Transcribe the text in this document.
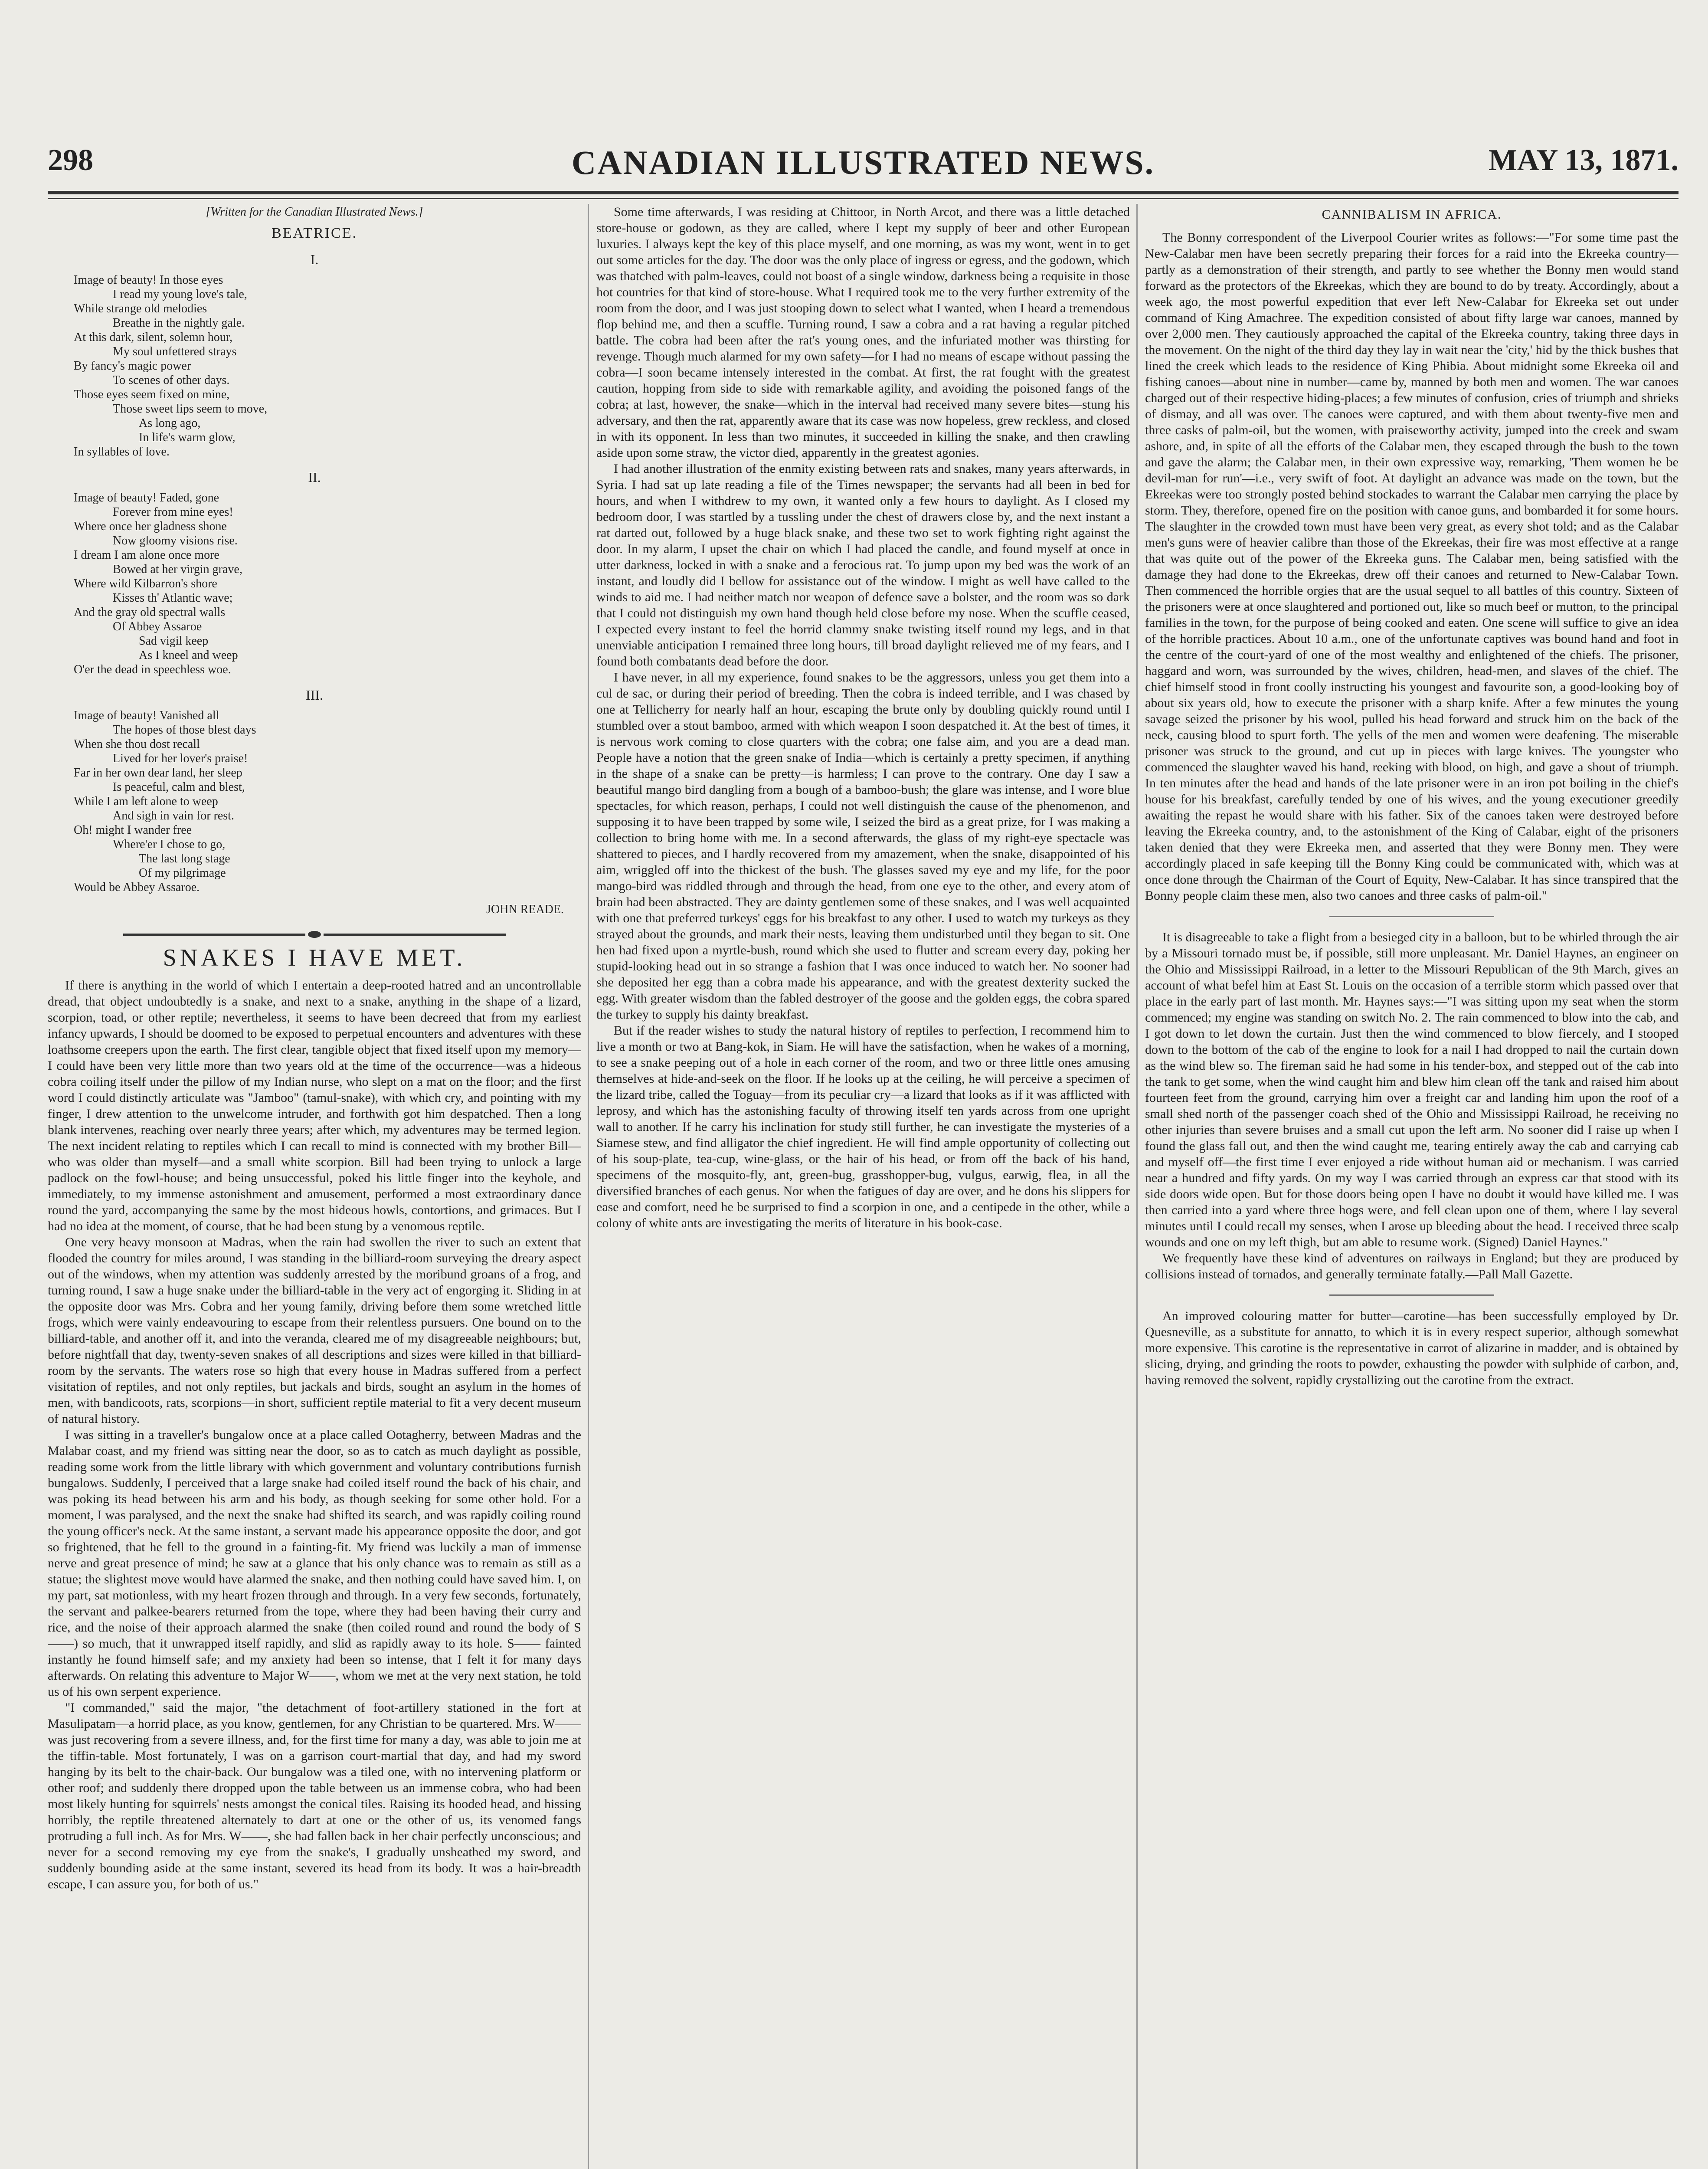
298	CANADIAN ILLUSTRATED NEWS.	MAY 13, 1871.
[Written for the Canadian Illustrated News.]
BEATRICE.
I.
Image of beauty! In those eyes
I read my young love's tale,
While strange old melodies
Breathe in the nightly gale.
At this dark, silent, solemn hour,
My soul unfettered strays
By fancy's magic power
To scenes of other days.
Those eyes seem fixed on mine,
Those sweet lips seem to move,
As long ago,
In life's warm glow,
In syllables of love.
II.
Image of beauty! Faded, gone
Forever from mine eyes!
Where once her gladness shone
Now gloomy visions rise.
I dream I am alone once more
Bowed at her virgin grave,
Where wild Kilbarron's shore
Kisses th' Atlantic wave;
And the gray old spectral walls
Of Abbey Assaroe
Sad vigil keep
As I kneel and weep
O'er the dead in speechless woe.
III.
Image of beauty! Vanished all
The hopes of those blest days
When she thou dost recall
Lived for her lover's praise!
Far in her own dear land, her sleep
Is peaceful, calm and blest,
While I am left alone to weep
And sigh in vain for rest.
Oh! might I wander free
Where'er I chose to go,
The last long stage
Of my pilgrimage
Would be Abbey Assaroe.
JOHN READE.
SNAKES I HAVE MET.

If there is anything in the world of which I entertain a deep-rooted hatred and an uncontrollable dread, that object undoubtedly is a snake, and next to a snake, anything in the shape of a lizard, scorpion, toad, or other reptile; nevertheless, it seems to have been decreed that from my earliest infancy upwards, I should be doomed to be exposed to perpetual encounters and adventures with these loathsome creepers upon the earth. The first clear, tangible object that fixed itself upon my memory—I could have been very little more than two years old at the time of the occurrence—was a hideous cobra coiling itself under the pillow of my Indian nurse, who slept on a mat on the floor; and the first word I could distinctly articulate was "Jamboo" (tamul-snake), with which cry, and pointing with my finger, I drew attention to the unwelcome intruder, and forthwith got him despatched. Then a long blank intervenes, reaching over nearly three years; after which, my adventures may be termed legion. The next incident relating to reptiles which I can recall to mind is connected with my brother Bill—who was older than myself—and a small white scorpion. Bill had been trying to unlock a large padlock on the fowl-house; and being unsuccessful, poked his little finger into the keyhole, and immediately, to my immense astonishment and amusement, performed a most extraordinary dance round the yard, accompanying the same by the most hideous howls, contortions, and grimaces. But I had no idea at the moment, of course, that he had been stung by a venomous reptile.

One very heavy monsoon at Madras, when the rain had swollen the river to such an extent that flooded the country for miles around, I was standing in the billiard-room surveying the dreary aspect out of the windows, when my attention was suddenly arrested by the moribund groans of a frog, and turning round, I saw a huge snake under the billiard-table in the very act of engorging it. Sliding in at the opposite door was Mrs. Cobra and her young family, driving before them some wretched little frogs, which were vainly endeavouring to escape from their relentless pursuers. One bound on to the billiard-table, and another off it, and into the veranda, cleared me of my disagreeable neighbours; but, before nightfall that day, twenty-seven snakes of all descriptions and sizes were killed in that billiard-room by the servants. The waters rose so high that every house in Madras suffered from a perfect visitation of reptiles, and not only reptiles, but jackals and birds, sought an asylum in the homes of men, with bandicoots, rats, scorpions—in short, sufficient reptile material to fit a very decent museum of natural history.

I was sitting in a traveller's bungalow once at a place called Ootagherry, between Madras and the Malabar coast, and my friend was sitting near the door, so as to catch as much daylight as possible, reading some work from the little library with which government and voluntary contributions furnish bungalows. Suddenly, I perceived that a large snake had coiled itself round the back of his chair, and was poking its head between his arm and his body, as though seeking for some other hold. For a moment, I was paralysed, and the next the snake had shifted its search, and was rapidly coiling round the young officer's neck. At the same instant, a servant made his appearance opposite the door, and got so frightened, that he fell to the ground in a fainting-fit. My friend was luckily a man of immense nerve and great presence of mind; he saw at a glance that his only chance was to remain as still as a statue; the slightest move would have alarmed the snake, and then nothing could have saved him. I, on my part, sat motionless, with my heart frozen through and through. In a very few seconds, fortunately, the servant and palkee-bearers returned from the tope, where they had been having their curry and rice, and the noise of their approach alarmed the snake (then coiled round and round the body of S——) so much, that it unwrapped itself rapidly, and slid as rapidly away to its hole. S—— fainted instantly he found himself safe; and my anxiety had been so intense, that I felt it for many days afterwards. On relating this adventure to Major W——, whom we met at the very next station, he told us of his own serpent experience.

"I commanded," said the major, "the detachment of foot-artillery stationed in the fort at Masulipatam—a horrid place, as you know, gentlemen, for any Christian to be quartered. Mrs. W—— was just recovering from a severe illness, and, for the first time for many a day, was able to join me at the tiffin-table. Most fortunately, I was on a garrison court-martial that day, and had my sword hanging by its belt to the chair-back. Our bungalow was a tiled one, with no intervening platform or other roof; and suddenly there dropped upon the table between us an immense cobra, who had been most likely hunting for squirrels' nests amongst the conical tiles. Raising its hooded head, and hissing horribly, the reptile threatened alternately to dart at one or the other of us, its venomed fangs protruding a full inch. As for Mrs. W——, she had fallen back in her chair perfectly unconscious; and never for a second removing my eye from the snake's, I gradually unsheathed my sword, and suddenly bounding aside at the same instant, severed its head from its body. It was a hair-breadth escape, I can assure you, for both of us."

Some time afterwards, I was residing at Chittoor, in North Arcot, and there was a little detached store-house or godown, as they are called, where I kept my supply of beer and other European luxuries. I always kept the key of this place myself, and one morning, as was my wont, went in to get out some articles for the day. The door was the only place of ingress or egress, and the godown, which was thatched with palm-leaves, could not boast of a single window, darkness being a requisite in those hot countries for that kind of store-house. What I required took me to the very further extremity of the room from the door, and I was just stooping down to select what I wanted, when I heard a tremendous flop behind me, and then a scuffle. Turning round, I saw a cobra and a rat having a regular pitched battle. The cobra had been after the rat's young ones, and the infuriated mother was thirsting for revenge. Though much alarmed for my own safety—for I had no means of escape without passing the cobra—I soon became intensely interested in the combat. At first, the rat fought with the greatest caution, hopping from side to side with remarkable agility, and avoiding the poisoned fangs of the cobra; at last, however, the snake—which in the interval had received many severe bites—stung his adversary, and then the rat, apparently aware that its case was now hopeless, grew reckless, and closed in with its opponent. In less than two minutes, it succeeded in killing the snake, and then crawling aside upon some straw, the victor died, apparently in the greatest agonies.

I had another illustration of the enmity existing between rats and snakes, many years afterwards, in Syria. I had sat up late reading a file of the Times newspaper; the servants had all been in bed for hours, and when I withdrew to my own, it wanted only a few hours to daylight. As I closed my bedroom door, I was startled by a tussling under the chest of drawers close by, and the next instant a rat darted out, followed by a huge black snake, and these two set to work fighting right against the door. In my alarm, I upset the chair on which I had placed the candle, and found myself at once in utter darkness, locked in with a snake and a ferocious rat. To jump upon my bed was the work of an instant, and loudly did I bellow for assistance out of the window. I might as well have called to the winds to aid me. I had neither match nor weapon of defence save a bolster, and the room was so dark that I could not distinguish my own hand though held close before my nose. When the scuffle ceased, I expected every instant to feel the horrid clammy snake twisting itself round my legs, and in that unenviable anticipation I remained three long hours, till broad daylight relieved me of my fears, and I found both combatants dead before the door.

I have never, in all my experience, found snakes to be the aggressors, unless you get them into a cul de sac, or during their period of breeding. Then the cobra is indeed terrible, and I was chased by one at Tellicherry for nearly half an hour, escaping the brute only by doubling quickly round until I stumbled over a stout bamboo, armed with which weapon I soon despatched it. At the best of times, it is nervous work coming to close quarters with the cobra; one false aim, and you are a dead man. People have a notion that the green snake of India—which is certainly a pretty specimen, if anything in the shape of a snake can be pretty—is harmless; I can prove to the contrary. One day I saw a beautiful mango bird dangling from a bough of a bamboo-bush; the glare was intense, and I wore blue spectacles, for which reason, perhaps, I could not well distinguish the cause of the phenomenon, and supposing it to have been trapped by some wile, I seized the bird as a great prize, for I was making a collection to bring home with me. In a second afterwards, the glass of my right-eye spectacle was shattered to pieces, and I hardly recovered from my amazement, when the snake, disappointed of his aim, wriggled off into the thickest of the bush. The glasses saved my eye and my life, for the poor mango-bird was riddled through and through the head, from one eye to the other, and every atom of brain had been abstracted. They are dainty gentlemen some of these snakes, and I was well acquainted with one that preferred turkeys' eggs for his breakfast to any other. I used to watch my turkeys as they strayed about the grounds, and mark their nests, leaving them undisturbed until they began to sit. One hen had fixed upon a myrtle-bush, round which she used to flutter and scream every day, poking her stupid-looking head out in so strange a fashion that I was once induced to watch her. No sooner had she deposited her egg than a cobra made his appearance, and with the greatest dexterity sucked the egg. With greater wisdom than the fabled destroyer of the goose and the golden eggs, the cobra spared the turkey to supply his dainty breakfast.

But if the reader wishes to study the natural history of reptiles to perfection, I recommend him to live a month or two at Bang-kok, in Siam. He will have the satisfaction, when he wakes of a morning, to see a snake peeping out of a hole in each corner of the room, and two or three little ones amusing themselves at hide-and-seek on the floor. If he looks up at the ceiling, he will perceive a specimen of the lizard tribe, called the Toguay—from its peculiar cry—a lizard that looks as if it was afflicted with leprosy, and which has the astonishing faculty of throwing itself ten yards across from one upright wall to another. If he carry his inclination for study still further, he can investigate the mysteries of a Siamese stew, and find alligator the chief ingredient. He will find ample opportunity of collecting out of his soup-plate, tea-cup, wine-glass, or the hair of his head, or from off the back of his hand, specimens of the mosquito-fly, ant, green-bug, grasshopper-bug, vulgus, earwig, flea, in all the diversified branches of each genus. Nor when the fatigues of day are over, and he dons his slippers for ease and comfort, need he be surprised to find a scorpion in one, and a centipede in the other, while a colony of white ants are investigating the merits of literature in his book-case.

CANNIBALISM IN AFRICA.

The Bonny correspondent of the Liverpool Courier writes as follows:—"For some time past the New-Calabar men have been secretly preparing their forces for a raid into the Ekreeka country—partly as a demonstration of their strength, and partly to see whether the Bonny men would stand forward as the protectors of the Ekreekas, which they are bound to do by treaty. Accordingly, about a week ago, the most powerful expedition that ever left New-Calabar for Ekreeka set out under command of King Amachree. The expedition consisted of about fifty large war canoes, manned by over 2,000 men. They cautiously approached the capital of the Ekreeka country, taking three days in the movement. On the night of the third day they lay in wait near the 'city,' hid by the thick bushes that lined the creek which leads to the residence of King Phibia. About midnight some Ekreeka oil and fishing canoes—about nine in number—came by, manned by both men and women. The war canoes charged out of their respective hiding-places; a few minutes of confusion, cries of triumph and shrieks of dismay, and all was over. The canoes were captured, and with them about twenty-five men and three casks of palm-oil, but the women, with praiseworthy activity, jumped into the creek and swam ashore, and, in spite of all the efforts of the Calabar men, they escaped through the bush to the town and gave the alarm; the Calabar men, in their own expressive way, remarking, 'Them women he be devil-man for run'—i.e., very swift of foot. At daylight an advance was made on the town, but the Ekreekas were too strongly posted behind stockades to warrant the Calabar men carrying the place by storm. They, therefore, opened fire on the position with canoe guns, and bombarded it for some hours. The slaughter in the crowded town must have been very great, as every shot told; and as the Calabar men's guns were of heavier calibre than those of the Ekreekas, their fire was most effective at a range that was quite out of the power of the Ekreeka guns. The Calabar men, being satisfied with the damage they had done to the Ekreekas, drew off their canoes and returned to New-Calabar Town. Then commenced the horrible orgies that are the usual sequel to all battles of this country. Sixteen of the prisoners were at once slaughtered and portioned out, like so much beef or mutton, to the principal families in the town, for the purpose of being cooked and eaten. One scene will suffice to give an idea of the horrible practices. About 10 a.m., one of the unfortunate captives was bound hand and foot in the centre of the court-yard of one of the most wealthy and enlightened of the chiefs. The prisoner, haggard and worn, was surrounded by the wives, children, head-men, and slaves of the chief. The chief himself stood in front coolly instructing his youngest and favourite son, a good-looking boy of about six years old, how to execute the prisoner with a sharp knife. After a few minutes the young savage seized the prisoner by his wool, pulled his head forward and struck him on the back of the neck, causing blood to spurt forth. The yells of the men and women were deafening. The miserable prisoner was struck to the ground, and cut up in pieces with large knives. The youngster who commenced the slaughter waved his hand, reeking with blood, on high, and gave a shout of triumph. In ten minutes after the head and hands of the late prisoner were in an iron pot boiling in the chief's house for his breakfast, carefully tended by one of his wives, and the young executioner greedily awaiting the repast he would share with his father. Six of the canoes taken were destroyed before leaving the Ekreeka country, and, to the astonishment of the King of Calabar, eight of the prisoners taken denied that they were Ekreeka men, and asserted that they were Bonny men. They were accordingly placed in safe keeping till the Bonny King could be communicated with, which was at once done through the Chairman of the Court of Equity, New-Calabar. It has since transpired that the Bonny people claim these men, also two canoes and three casks of palm-oil."

It is disagreeable to take a flight from a besieged city in a balloon, but to be whirled through the air by a Missouri tornado must be, if possible, still more unpleasant. Mr. Daniel Haynes, an engineer on the Ohio and Mississippi Railroad, in a letter to the Missouri Republican of the 9th March, gives an account of what befel him at East St. Louis on the occasion of a terrible storm which passed over that place in the early part of last month. Mr. Haynes says:—"I was sitting upon my seat when the storm commenced; my engine was standing on switch No. 2. The rain commenced to blow into the cab, and I got down to let down the curtain. Just then the wind commenced to blow fiercely, and I stooped down to the bottom of the cab of the engine to look for a nail I had dropped to nail the curtain down as the wind blew so. The fireman said he had some in his tender-box, and stepped out of the cab into the tank to get some, when the wind caught him and blew him clean off the tank and raised him about fourteen feet from the ground, carrying him over a freight car and landing him upon the roof of a small shed north of the passenger coach shed of the Ohio and Mississippi Railroad, he receiving no other injuries than severe bruises and a small cut upon the left arm. No sooner did I raise up when I found the glass fall out, and then the wind caught me, tearing entirely away the cab and carrying cab and myself off—the first time I ever enjoyed a ride without human aid or mechanism. I was carried near a hundred and fifty yards. On my way I was carried through an express car that stood with its side doors wide open. But for those doors being open I have no doubt it would have killed me. I was then carried into a yard where three hogs were, and fell clean upon one of them, where I lay several minutes until I could recall my senses, when I arose up bleeding about the head. I received three scalp wounds and one on my left thigh, but am able to resume work. (Signed) Daniel Haynes."

We frequently have these kind of adventures on railways in England; but they are produced by collisions instead of tornados, and generally terminate fatally.—Pall Mall Gazette.

An improved colouring matter for butter—carotine—has been successfully employed by Dr. Quesneville, as a substitute for annatto, to which it is in every respect superior, although somewhat more expensive. This carotine is the representative in carrot of alizarine in madder, and is obtained by slicing, drying, and grinding the roots to powder, exhausting the powder with sulphide of carbon, and, having removed the solvent, rapidly crystallizing out the carotine from the extract.
